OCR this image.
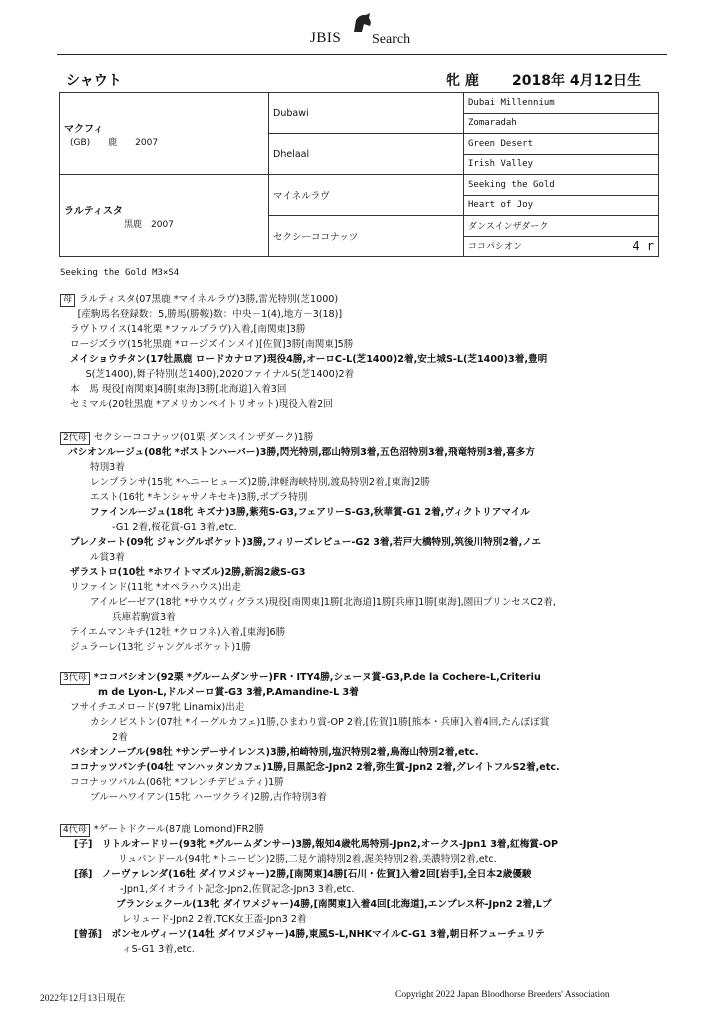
JBIS Search
シャウト	牝 鹿 2018年 4月12日生
マクフィ
(GB)　　鹿　　2007	Dubawi	Dubai Millennium
		Zomaradah
	Dhelaal	Green Desert
		Irish Valley

ラルティスタ
黒鹿　2007	マイネルラヴ	Seeking the Gold
		Heart of Joy
	セクシーココナッツ	ダンスインザダーク
		ココパシオン 4 r
Seeking the Gold M3×S4
母 ラルティスタ(07黒鹿 *マイネルラヴ)3勝,雷光特別(芝1000)
　[産駒馬名登録数：5,勝馬(勝鞍)数：中央－1(4),地方－3(18)]
ラヴトワイス(14牝栗 *ファルブラヴ)入着,[南関東]3勝
ロージズラヴ(15牝黒鹿 *ロージズインメイ)[佐賀]3勝[南関東]5勝
メイショウチタン(17牡黒鹿 ロードカナロア)現役4勝,オーロC-L(芝1400)2着,安土城S-L(芝1400)3着,豊明
　S(芝1400),舞子特別(芝1400),2020ファイナルS(芝1400)2着
本　馬 現役[南関東]4勝[東海]3勝[北海道]入着3回
セミマル(20牡黒鹿 *アメリカンペイトリオット)現役入着2回
2代母 セクシーココナッツ(01栗 ダンスインザダーク)1勝
パシオンルージュ(08牝 *ボストンハーバー)3勝,閃光特別,郡山特別3着,五色沼特別3着,飛竜特別3着,喜多方
特別3着
レンプランサ(15牝 *ヘニーヒューズ)2勝,津軽海峡特別,渡島特別2着,[東海]2勝
エスト(16牝 *キンシャサノキセキ)3勝,ポプラ特別
ファインルージュ(18牝 キズナ)3勝,紫苑S-G3,フェアリーS-G3,秋華賞-G1 2着,ヴィクトリアマイル
-G1 2着,桜花賞-G1 3着,etc.
プレノタート(09牝 ジャングルポケット)3勝,フィリーズレビュー-G2 3着,若戸大橋特別,筑後川特別2着,ノエ
ル賞3着
ザラストロ(10牡 *ホワイトマズル)2勝,新潟2歳S-G3
リファインド(11牝 *オペラハウス)出走
アイルビーゼア(18牝 *サウスヴィグラス)現役[南関東]1勝[北海道]1勝[兵庫]1勝[東海],園田プリンセスC2着,
兵庫若駒賞3着
テイエムマンキチ(12牡 *クロフネ)入着,[東海]6勝
ジュラーレ(13牝 ジャングルポケット)1勝
3代母 *ココパシオン(92栗 *グルームダンサー)FR・ITY4勝,シェーヌ賞-G3,P.de la Cochere-L,Criteriu
m de Lyon-L,ドルメーロ賞-G3 3着,P.Amandine-L 3着
フサイチエメロード(97牝 Linamix)出走
カシノピストン(07牡 *イーグルカフェ)1勝,ひまわり賞-OP 2着,[佐賀]1勝[熊本・兵庫]入着4回,たんぽぽ賞
2着
パシオンノーブル(98牡 *サンデーサイレンス)3勝,柏崎特別,塩沢特別2着,鳥海山特別2着,etc.
ココナッツパンチ(04牡 マンハッタンカフェ)1勝,目黒記念-Jpn2 2着,弥生賞-Jpn2 2着,グレイトフルS2着,etc.
ココナッツパルム(06牝 *フレンチデピュティ)1勝
ブルーハワイアン(15牝 ハーツクライ)2勝,古作特別3着
4代母 *ゲートドクール(87鹿 Lomond)FR2勝
[子]　リトルオードリー(93牝 *グルームダンサー)3勝,報知4歳牝馬特別-Jpn2,オークス-Jpn1 3着,紅梅賞-OP
リュパンドール(94牝 *トニービン)2勝,二見ケ浦特別2着,渥美特別2着,美濃特別2着,etc.
[孫]　ノーヴァレンダ(16牡 ダイワメジャー)2勝,[南関東]4勝[石川・佐賀]入着2回[岩手],全日本2歳優駿
-Jpn1,ダイオライト記念-Jpn2,佐賀記念-Jpn3 3着,etc.
ブランシェクール(13牝 ダイワメジャー)4勝,[南関東]入着4回[北海道],エンプレス杯-Jpn2 2着,Lプ
レリュード-Jpn2 2着,TCK女王盃-Jpn3 2着
[曾孫]　ボンセルヴィーソ(14牡 ダイワメジャー)4勝,東風S-L,NHKマイルC-G1 3着,朝日杯フューチュリテ
ィS-G1 3着,etc.
2022年12月13日現在	Copyright 2022 Japan Bloodhorse Breeders' Association
